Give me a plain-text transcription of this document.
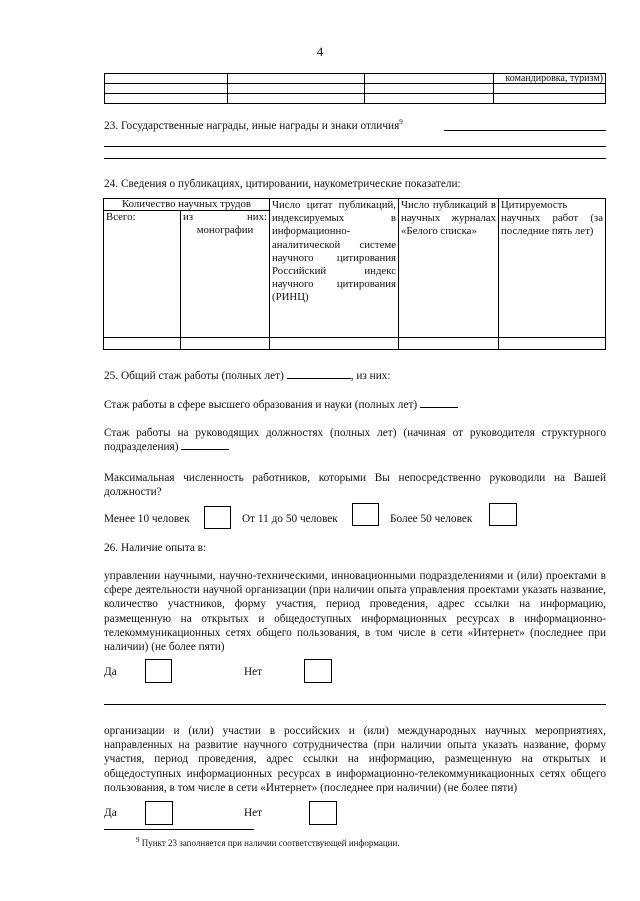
4
			командировка, туризм)

23. Государственные награды, иные награды и знаки отличия$^9$
24. Сведения о публикациях, цитировании, наукометрические показатели:
Количество научных трудов		Число цитат публикаций, индексируемых в информационно-аналитической системе научного цитирования Российский индекс научного цитирования (РИНЦ)	Число публикаций в научных журналах «Белого списка»	Цитируемость научных работ (за последние пять лет)
Всего:	из них:
монографии			

25. Общий стаж работы (полных лет)	, из них:
Стаж работы в сфере высшего образования и науки (полных лет)
Стаж работы на руководящих должностях (полных лет) (начиная от руководителя структурного подразделения)
Максимальная численность работников, которыми Вы непосредственно руководили на Вашей должности?
Менее 10 человек	От 11 до 50 человек	Более 50 человек
26. Наличие опыта в:
управлении научными, научно-техническими, инновационными подразделениями и (или) проектами в сфере деятельности научной организации (при наличии опыта управления проектами указать название, количество участников, форму участия, период проведения, адрес ссылки на информацию, размещенную на открытых и общедоступных информационных ресурсах в информационно-телекоммуникационных сетях общего пользования, в том числе в сети «Интернет» (последнее при наличии) (не более пяти)
Да	Нет
организации и (или) участии в российских и (или) международных научных мероприятиях, направленных на развитие научного сотрудничества (при наличии опыта указать название, форму участия, период проведения, адрес ссылки на информацию, размещенную на открытых и общедоступных информационных ресурсах в информационно-телекоммуникационных сетях общего пользования, в том числе в сети «Интернет» (последнее при наличии) (не более пяти)
Да	Нет
$^9$ Пункт 23 заполняется при наличии соответствующей информации.
